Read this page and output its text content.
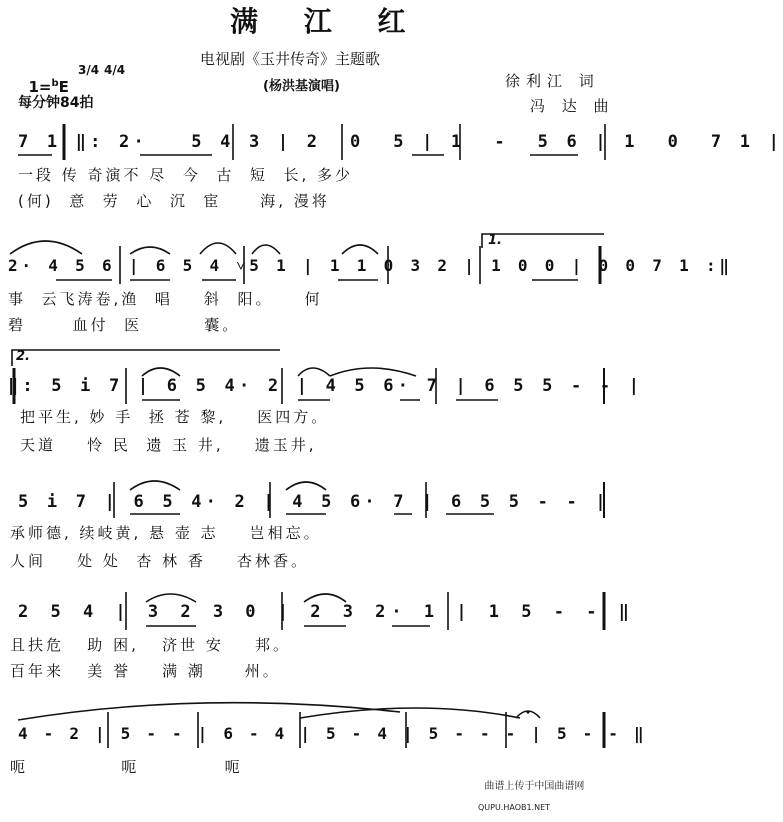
满 江 红
电视剧《玉井传奇》主题歌
(杨洪基演唱)

1=$^b$E

3/4 4/4
每分钟84拍
徐利江 词
冯 达 曲
7 1 ‖: 2·   5 4 3 | 2  0  5 | 1  -  5 6 | 1  0  7 1 |
一段 传 奇演不 尽  今  古  短  长, 多少
(何)  意  劳  心  沉  宦     海, 漫将
1.
2· 4 5 6 | 6 5 4 ˅5 1 | 1 1 0 3 2 | 1 0 0 | 0 0 7 1 :‖
事  云飞涛卷,渔  唱    斜  阳。    何
碧      血付  医        囊。
2.
‖: 5 i 7 | 6 5 4· 2 | 4 5 6· 7 | 6 5 5 - - |
把平生, 妙 手  拯 苍 黎,    医四方。
天道    怜 民  遗 玉 井,    遗玉井,
5 i 7 | 6 5 4· 2 | 4 5 6· 7 | 6 5 5 - - |
承师德, 续岐黄, 悬 壶 志    岂相忘。
人间    处 处  杏 林 香    杏林香。
2 5 4 | 3 2 3 0 | 2 3 2· 1 | 1 5 - - ‖
且扶危   助 困,   济世 安    邦。
百年来   美 誉    满 潮     州。
4 - 2 | 5 - - | 6 - 4 | 5 - 4 | 5 - - - | 5 - - ‖
呃            呃           呃

曲谱上传于中国曲谱网

QUPU.HAOB1.NET
